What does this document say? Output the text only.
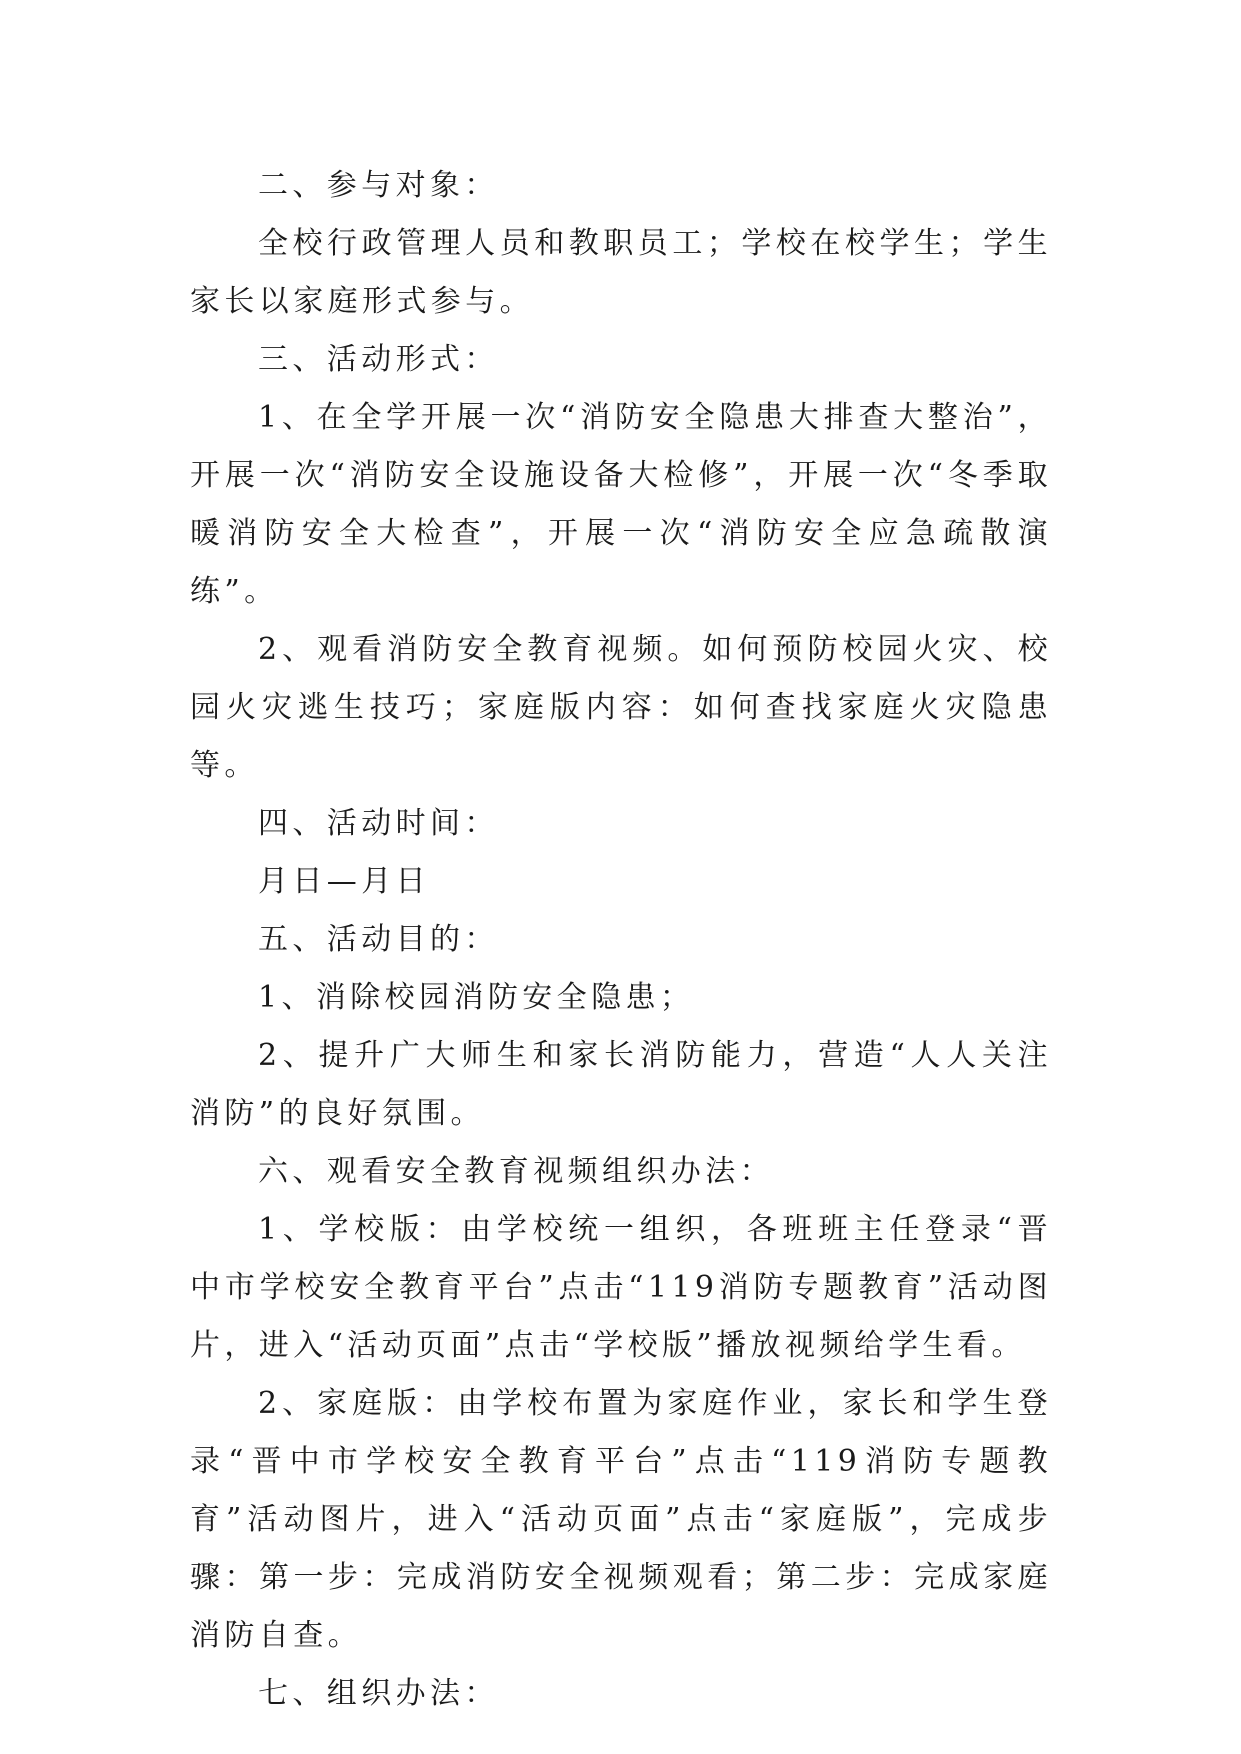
二、参与对象：

全校行政管理人员和教职员工；学校在校学生；学生家长以家庭形式参与。

三、活动形式：

1、在全学开展一次“消防安全隐患大排查大整治”，开展一次“消防安全设施设备大检修”，开展一次“冬季取暖消防安全大检查”，开展一次“消防安全应急疏散演练”。

2、观看消防安全教育视频。如何预防校园火灾、校园火灾逃生技巧；家庭版内容：如何查找家庭火灾隐患等。

四、活动时间：

月日—月日

五、活动目的：

1、消除校园消防安全隐患；

2、提升广大师生和家长消防能力，营造“人人关注消防”的良好氛围。

六、观看安全教育视频组织办法：

1、学校版：由学校统一组织，各班班主任登录“晋中市学校安全教育平台”点击“119消防专题教育”活动图片，进入“活动页面”点击“学校版”播放视频给学生看。

2、家庭版：由学校布置为家庭作业，家长和学生登录“晋中市学校安全教育平台”点击“119消防专题教育”活动图片，进入“活动页面”点击“家庭版”，完成步骤：第一步：完成消防安全视频观看；第二步：完成家庭消防自查。

七、组织办法：
